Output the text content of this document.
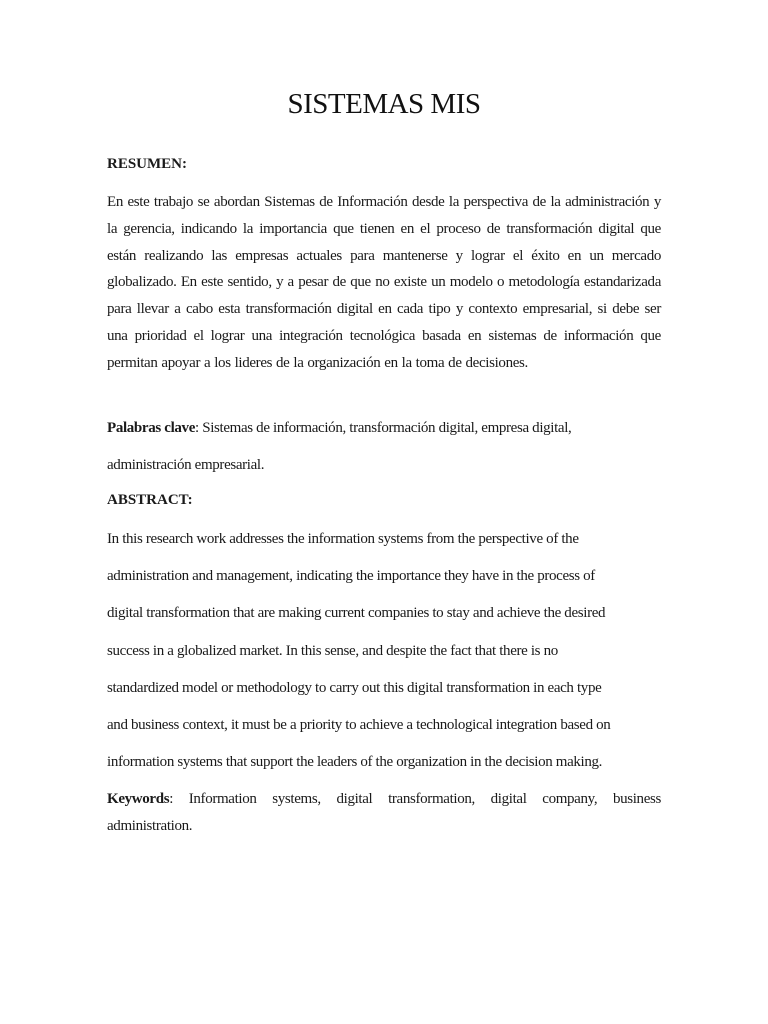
SISTEMAS MIS
RESUMEN:

En este trabajo se abordan Sistemas de Información desde la perspectiva de la administración y la gerencia, indicando la importancia que tienen en el proceso de transformación digital que están realizando las empresas actuales para mantenerse y lograr el éxito en un mercado globalizado. En este sentido, y a pesar de que no existe un modelo o metodología estandarizada para llevar a cabo esta transformación digital en cada tipo y contexto empresarial, si debe ser una prioridad el lograr una integración tecnológica basada en sistemas de información que permitan apoyar a los lideres de la organización en la toma de decisiones.

Palabras clave: Sistemas de información, transformación digital, empresa digital,
administración empresarial.
ABSTRACT:
In this research work addresses the information systems from the perspective of the
administration and management, indicating the importance they have in the process of
digital transformation that are making current companies to stay and achieve the desired
success in a globalized market. In this sense, and despite the fact that there is no
standardized model or methodology to carry out this digital transformation in each type
and business context, it must be a priority to achieve a technological integration based on
information systems that support the leaders of the organization in the decision making.

Keywords: Information systems, digital transformation, digital company, business administration.
